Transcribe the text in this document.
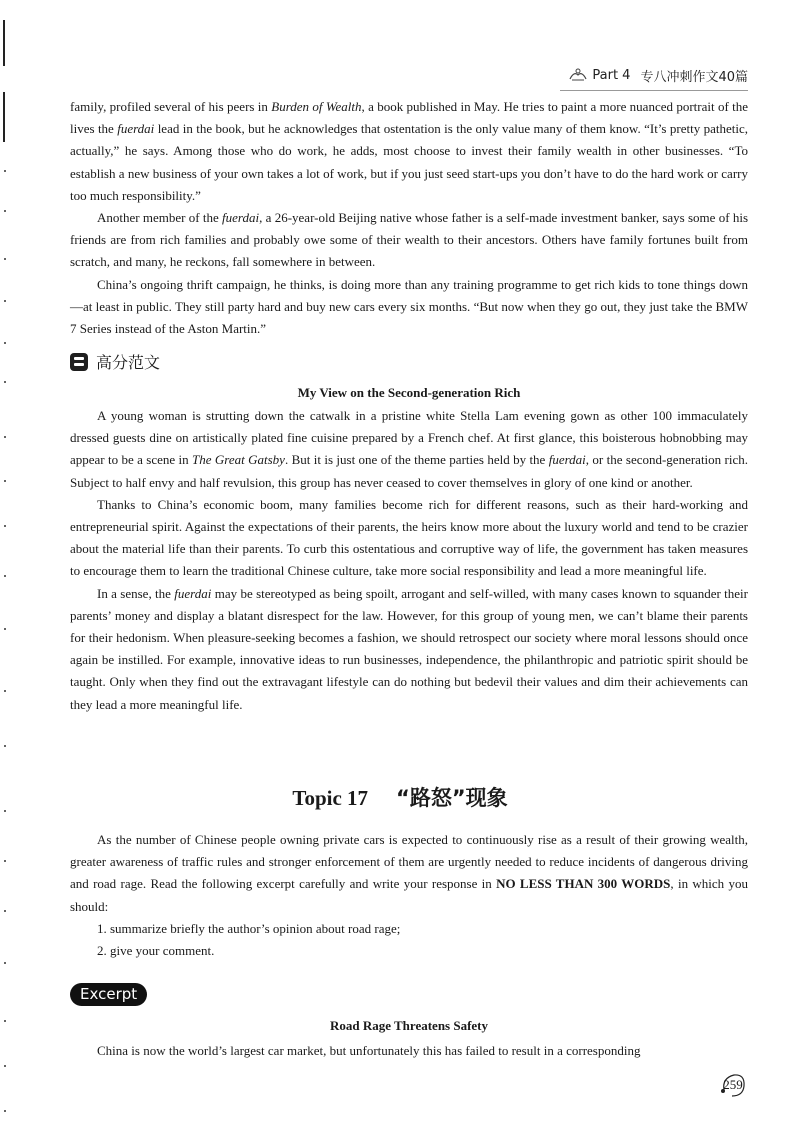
Part 4 专八冲刺作文40篇

family, profiled several of his peers in Burden of Wealth, a book published in May. He tries to paint a more nuanced portrait of the lives the fuerdai lead in the book, but he acknowledges that ostentation is the only value many of them know. “It’s pretty pathetic, actually,” he says. Among those who do work, he adds, most choose to invest their family wealth in other businesses. “To establish a new business of your own takes a lot of work, but if you just seed start-ups you don’t have to do the hard work or carry too much responsibility.”

Another member of the fuerdai, a 26-year-old Beijing native whose father is a self-made investment banker, says some of his friends are from rich families and probably owe some of their wealth to their ancestors. Others have family fortunes built from scratch, and many, he reckons, fall somewhere in between.

China’s ongoing thrift campaign, he thinks, is doing more than any training programme to get rich kids to tone things down—at least in public. They still party hard and buy new cars every six months. “But now when they go out, they just take the BMW 7 Series instead of the Aston Martin.”

高分范文
My View on the Second-generation Rich

A young woman is strutting down the catwalk in a pristine white Stella Lam evening gown as other 100 immaculately dressed guests dine on artistically plated fine cuisine prepared by a French chef. At first glance, this boisterous hobnobbing may appear to be a scene in The Great Gatsby. But it is just one of the theme parties held by the fuerdai, or the second-generation rich. Subject to half envy and half revulsion, this group has never ceased to cover themselves in glory of one kind or another.

Thanks to China’s economic boom, many families become rich for different reasons, such as their hard-working and entrepreneurial spirit. Against the expectations of their parents, the heirs know more about the luxury world and tend to be crazier about the material life than their parents. To curb this ostentatious and corruptive way of life, the government has taken measures to encourage them to learn the traditional Chinese culture, take more social responsibility and lead a more meaningful life.

In a sense, the fuerdai may be stereotyped as being spoilt, arrogant and self-willed, with many cases known to squander their parents’ money and display a blatant disrespect for the law. However, for this group of young men, we can’t blame their parents for their hedonism. When pleasure-seeking becomes a fashion, we should retrospect our society where moral lessons should once again be instilled. For example, innovative ideas to run businesses, independence, the philanthropic and patriotic spirit should be taught. Only when they find out the extravagant lifestyle can do nothing but bedevil their values and dim their achievements can they lead a more meaningful life.

Topic 17 “路怒”现象

As the number of Chinese people owning private cars is expected to continuously rise as a result of their growing wealth, greater awareness of traffic rules and stronger enforcement of them are urgently needed to reduce incidents of dangerous driving and road rage. Read the following excerpt carefully and write your response in NO LESS THAN 300 WORDS, in which you should:

1. summarize briefly the author’s opinion about road rage;

2. give your comment.

Excerpt
Road Rage Threatens Safety

China is now the world’s largest car market, but unfortunately this has failed to result in a corresponding

259
